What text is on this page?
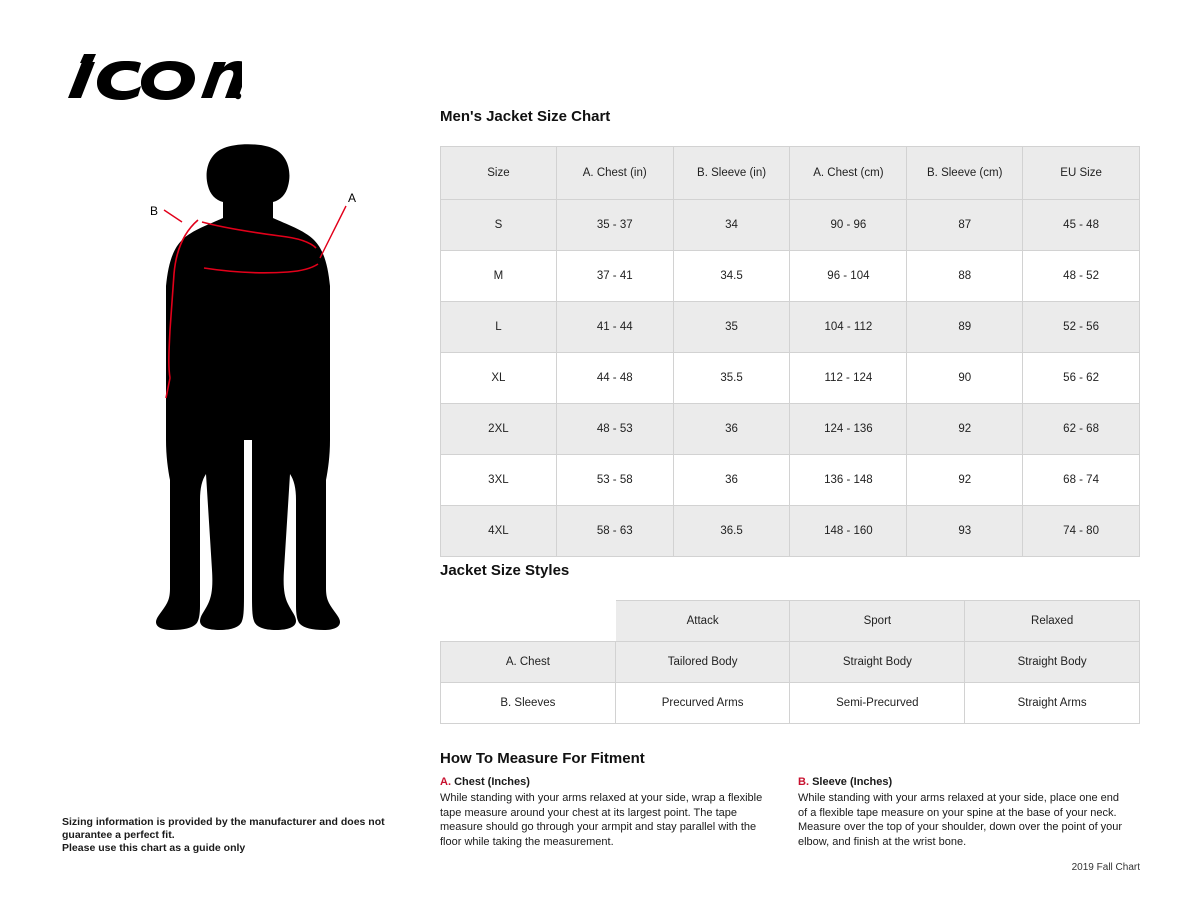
A
B
Sizing information is provided by the manufacturer and does not guarantee a perfect fit.
Please use this chart as a guide only
Men's Jacket Size Chart
Size	A. Chest (in)	B. Sleeve (in)	A. Chest (cm)	B. Sleeve (cm)	EU Size
S	35 - 37	34	90 - 96	87	45 - 48
M	37 - 41	34.5	96 - 104	88	48 - 52
L	41 - 44	35	104 - 112	89	52 - 56
XL	44 - 48	35.5	112 - 124	90	56 - 62
2XL	48 - 53	36	124 - 136	92	62 - 68
3XL	53 - 58	36	136 - 148	92	68 - 74
4XL	58 - 63	36.5	148 - 160	93	74 - 80
Jacket Size Styles
	Attack	Sport	Relaxed
A. Chest	Tailored Body	Straight Body	Straight Body
B. Sleeves	Precurved Arms	Semi-Precurved	Straight Arms
How To Measure For Fitment
A. Chest (Inches)
While standing with your arms relaxed at your side, wrap a flexible tape measure around your chest at its largest point. The tape measure should go through your armpit and stay parallel with the floor while taking the measurement.
B. Sleeve (Inches)
While standing with your arms relaxed at your side, place one end of a flexible tape measure on your spine at the base of your neck. Measure over the top of your shoulder, down over the point of your elbow, and finish at the wrist bone.
2019 Fall Chart
